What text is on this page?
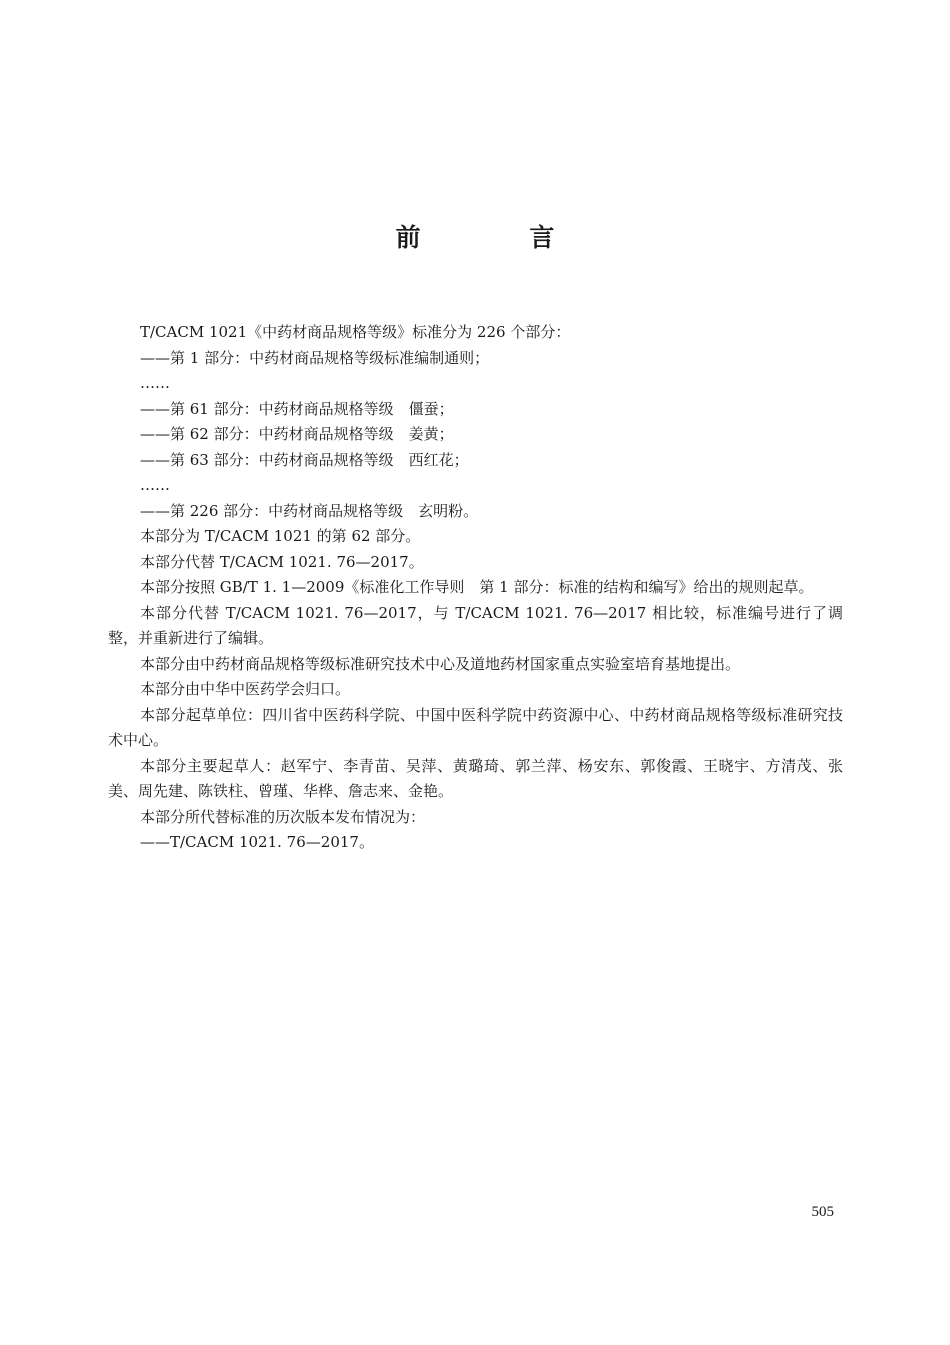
前 言

T/CACM 1021《中药材商品规格等级》标准分为 226 个部分：

——第 1 部分：中药材商品规格等级标准编制通则；

……

——第 61 部分：中药材商品规格等级　僵蚕；

——第 62 部分：中药材商品规格等级　姜黄；

——第 63 部分：中药材商品规格等级　西红花；

……

——第 226 部分：中药材商品规格等级　玄明粉。

本部分为 T/CACM 1021 的第 62 部分。

本部分代替 T/CACM 1021. 76—2017。

本部分按照 GB/T 1. 1—2009《标准化工作导则　第 1 部分：标准的结构和编写》给出的规则起草。

本部分代替 T/CACM 1021. 76—2017，与 T/CACM 1021. 76—2017 相比较，标准编号进行了调整，并重新进行了编辑。

本部分由中药材商品规格等级标准研究技术中心及道地药材国家重点实验室培育基地提出。

本部分由中华中医药学会归口。

本部分起草单位：四川省中医药科学院、中国中医科学院中药资源中心、中药材商品规格等级标准研究技术中心。

本部分主要起草人：赵军宁、李青苗、吴萍、黄璐琦、郭兰萍、杨安东、郭俊霞、王晓宇、方清茂、张美、周先建、陈铁柱、曾瑾、华桦、詹志来、金艳。

本部分所代替标准的历次版本发布情况为：

——T/CACM 1021. 76—2017。

505
